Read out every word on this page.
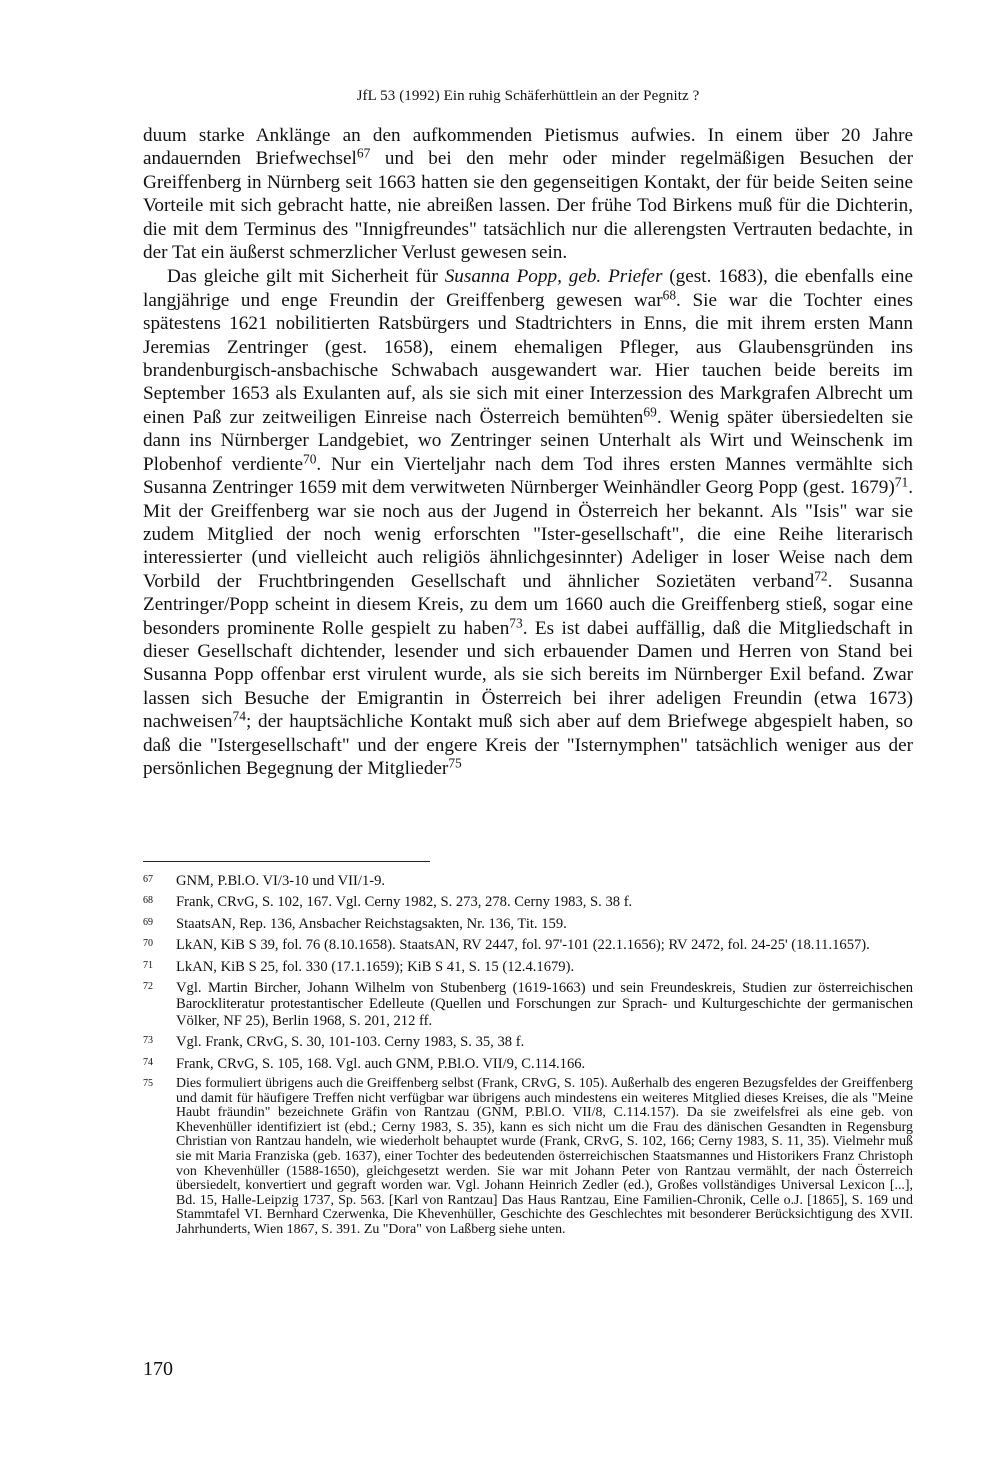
JfL 53 (1992) Ein ruhig Schäferhüttlein an der Pegnitz ?

duum starke Anklänge an den aufkommenden Pietismus aufwies. In einem über 20 Jahre andauernden Briefwechsel$^{67}$ und bei den mehr oder minder regelmäßigen Besuchen der Greiffenberg in Nürnberg seit 1663 hatten sie den gegenseitigen Kontakt, der für beide Seiten seine Vorteile mit sich gebracht hatte, nie abreißen lassen. Der frühe Tod Birkens muß für die Dichterin, die mit dem Terminus des "Innigfreundes" tatsächlich nur die allerengsten Vertrauten bedachte, in der Tat ein äußerst schmerzlicher Verlust gewesen sein.

Das gleiche gilt mit Sicherheit für Susanna Popp, geb. Priefer (gest. 1683), die ebenfalls eine langjährige und enge Freundin der Greiffenberg gewesen war$^{68}$. Sie war die Tochter eines spätestens 1621 nobilitierten Ratsbürgers und Stadtrichters in Enns, die mit ihrem ersten Mann Jeremias Zentringer (gest. 1658), einem ehemaligen Pfleger, aus Glaubensgründen ins brandenburgisch-ansbachische Schwabach ausgewandert war. Hier tauchen beide bereits im September 1653 als Exulanten auf, als sie sich mit einer Interzession des Markgrafen Albrecht um einen Paß zur zeitweiligen Einreise nach Österreich bemühten$^{69}$. Wenig später übersiedelten sie dann ins Nürnberger Landgebiet, wo Zentringer seinen Unterhalt als Wirt und Weinschenk im Plobenhof verdiente$^{70}$. Nur ein Vierteljahr nach dem Tod ihres ersten Mannes vermählte sich Susanna Zentringer 1659 mit dem verwitweten Nürnberger Weinhändler Georg Popp (gest. 1679)$^{71}$. Mit der Greiffenberg war sie noch aus der Jugend in Österreich her bekannt. Als "Isis" war sie zudem Mitglied der noch wenig erforschten "Ister-gesellschaft", die eine Reihe literarisch interessierter (und vielleicht auch religiös ähnlichgesinnter) Adeliger in loser Weise nach dem Vorbild der Fruchtbringenden Gesellschaft und ähnlicher Sozietäten verband$^{72}$. Susanna Zentringer/Popp scheint in diesem Kreis, zu dem um 1660 auch die Greiffenberg stieß, sogar eine besonders prominente Rolle gespielt zu haben$^{73}$. Es ist dabei auffällig, daß die Mitgliedschaft in dieser Gesellschaft dichtender, lesender und sich erbauender Damen und Herren von Stand bei Susanna Popp offenbar erst virulent wurde, als sie sich bereits im Nürnberger Exil befand. Zwar lassen sich Besuche der Emigrantin in Österreich bei ihrer adeligen Freundin (etwa 1673) nachweisen$^{74}$; der hauptsächliche Kontakt muß sich aber auf dem Briefwege abgespielt haben, so daß die "Istergesellschaft" und der engere Kreis der "Isternymphen" tatsächlich weniger aus der persönlichen Begegnung der Mitglieder$^{75}$

67 GNM, P.Bl.O. VI/3-10 und VII/1-9.
68 Frank, CRvG, S. 102, 167. Vgl. Cerny 1982, S. 273, 278. Cerny 1983, S. 38 f.
69 StaatsAN, Rep. 136, Ansbacher Reichstagsakten, Nr. 136, Tit. 159.
70 LkAN, KiB S 39, fol. 76 (8.10.1658). StaatsAN, RV 2447, fol. 97'-101 (22.1.1656); RV 2472, fol. 24-25' (18.11.1657).
71 LkAN, KiB S 25, fol. 330 (17.1.1659); KiB S 41, S. 15 (12.4.1679).
72 Vgl. Martin Bircher, Johann Wilhelm von Stubenberg (1619-1663) und sein Freundeskreis, Studien zur österreichischen Barockliteratur protestantischer Edelleute (Quellen und Forschungen zur Sprach- und Kulturgeschichte der germanischen Völker, NF 25), Berlin 1968, S. 201, 212 ff.
73 Vgl. Frank, CRvG, S. 30, 101-103. Cerny 1983, S. 35, 38 f.
74 Frank, CRvG, S. 105, 168. Vgl. auch GNM, P.Bl.O. VII/9, C.114.166.
75 Dies formuliert übrigens auch die Greiffenberg selbst (Frank, CRvG, S. 105). Außerhalb des engeren Bezugsfeldes der Greiffenberg und damit für häufigere Treffen nicht verfügbar war übrigens auch mindestens ein weiteres Mitglied dieses Kreises, die als "Meine Haubt fräundin" bezeichnete Gräfin von Rantzau (GNM, P.Bl.O. VII/8, C.114.157). Da sie zweifelsfrei als eine geb. von Khevenhüller identifiziert ist (ebd.; Cerny 1983, S. 35), kann es sich nicht um die Frau des dänischen Gesandten in Regensburg Christian von Rantzau handeln, wie wiederholt behauptet wurde (Frank, CRvG, S. 102, 166; Cerny 1983, S. 11, 35). Vielmehr muß sie mit Maria Franziska (geb. 1637), einer Tochter des bedeutenden österreichischen Staatsmannes und Historikers Franz Christoph von Khevenhüller (1588-1650), gleichgesetzt werden. Sie war mit Johann Peter von Rantzau vermählt, der nach Österreich übersiedelt, konvertiert und gegraft worden war. Vgl. Johann Heinrich Zedler (ed.), Großes vollständiges Universal Lexicon [...], Bd. 15, Halle-Leipzig 1737, Sp. 563. [Karl von Rantzau] Das Haus Rantzau, Eine Familien-Chronik, Celle o.J. [1865], S. 169 und Stammtafel VI. Bernhard Czerwenka, Die Khevenhüller, Geschichte des Geschlechtes mit besonderer Berücksichtigung des XVII. Jahrhunderts, Wien 1867, S. 391. Zu "Dora" von Laßberg siehe unten.
170
